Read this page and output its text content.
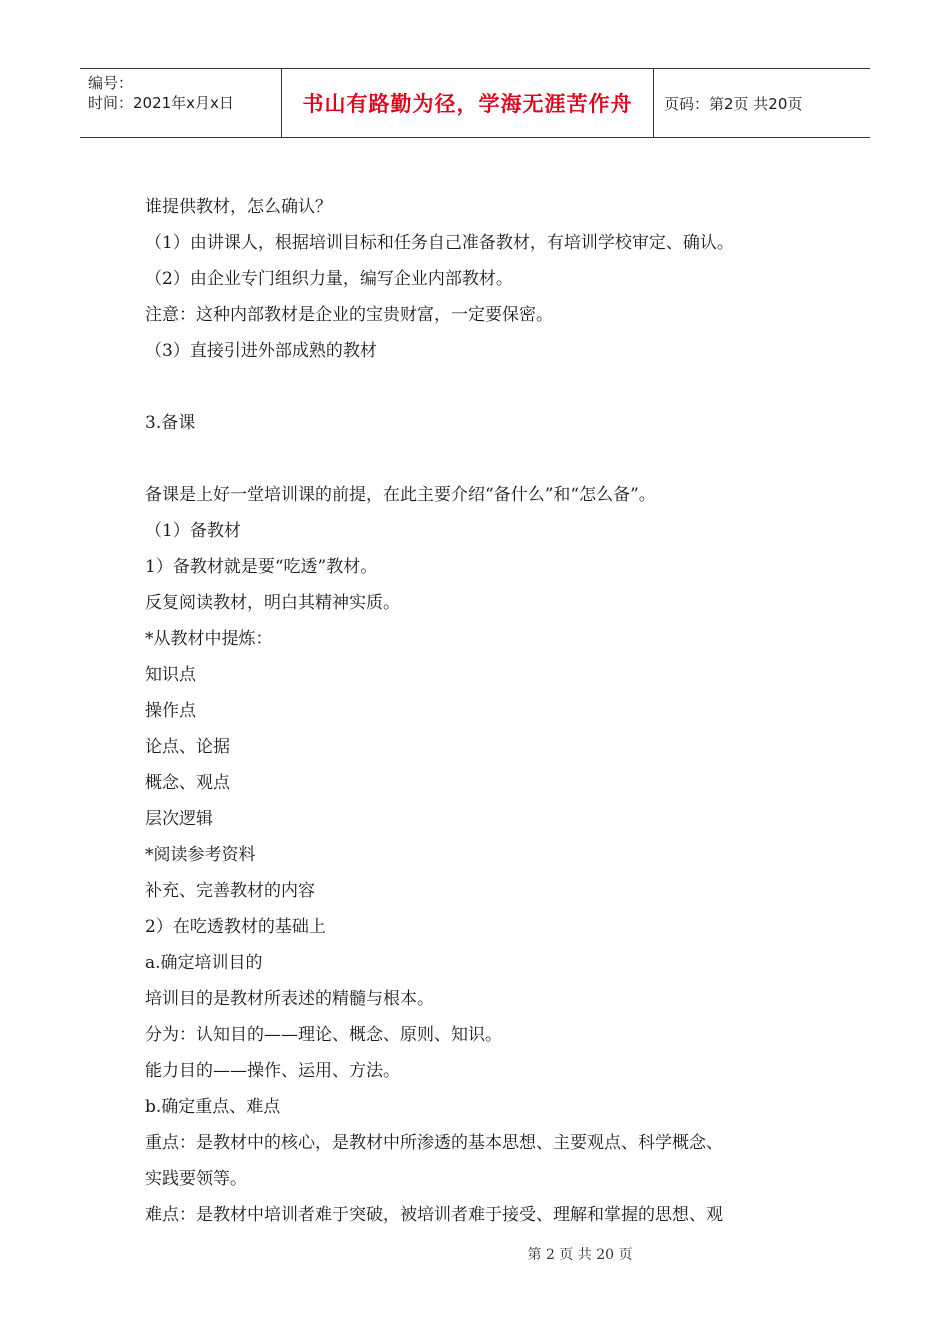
编号：
时间：2021年x月x日	书山有路勤为径，学海无涯苦作舟 页码：第2页 共20页
谁提供教材，怎么确认？
（1）由讲课人，根据培训目标和任务自己准备教材，有培训学校审定、确认。
（2）由企业专门组织力量，编写企业内部教材。
注意：这种内部教材是企业的宝贵财富，一定要保密。
（3）直接引进外部成熟的教材
3.备课
备课是上好一堂培训课的前提，在此主要介绍“备什么”和“怎么备”。
（1）备教材
1）备教材就是要“吃透”教材。
反复阅读教材，明白其精神实质。
*从教材中提炼：
知识点
操作点
论点、论据
概念、观点
层次逻辑
*阅读参考资料
补充、完善教材的内容
2）在吃透教材的基础上
a.确定培训目的
培训目的是教材所表述的精髓与根本。
分为：认知目的——理论、概念、原则、知识。
能力目的——操作、运用、方法。
b.确定重点、难点
重点：是教材中的核心，是教材中所渗透的基本思想、主要观点、科学概念、
实践要领等。
难点：是教材中培训者难于突破，被培训者难于接受、理解和掌握的思想、观
第 2 页 共 20 页
